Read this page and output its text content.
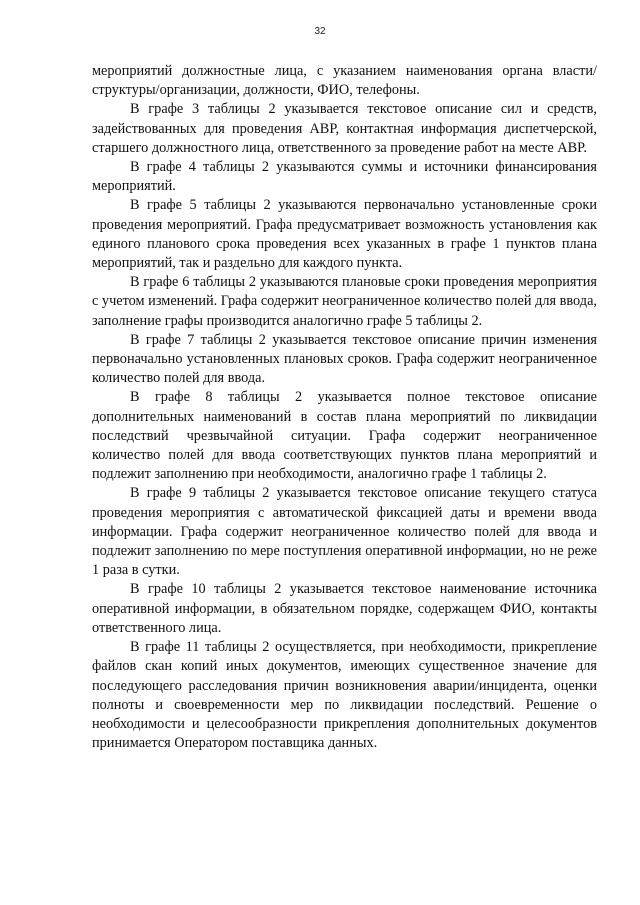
32

мероприятий должностные лица, с указанием наименования органа власти/структуры/организации, должности, ФИО, телефоны.

В графе 3 таблицы 2 указывается текстовое описание сил и средств, задействованных для проведения АВР, контактная информация диспетчерской, старшего должностного лица, ответственного за проведение работ на месте АВР.

В графе 4 таблицы 2 указываются суммы и источники финансирования мероприятий.

В графе 5 таблицы 2 указываются первоначально установленные сроки проведения мероприятий. Графа предусматривает возможность установления как единого планового срока проведения всех указанных в графе 1 пунктов плана мероприятий, так и раздельно для каждого пункта.

В графе 6 таблицы 2 указываются плановые сроки проведения мероприятия с учетом изменений. Графа содержит неограниченное количество полей для ввода, заполнение графы производится аналогично графе 5 таблицы 2.

В графе 7 таблицы 2 указывается текстовое описание причин изменения первоначально установленных плановых сроков. Графа содержит неограниченное количество полей для ввода.

В графе 8 таблицы 2 указывается полное текстовое описание дополнительных наименований в состав плана мероприятий по ликвидации последствий чрезвычайной ситуации. Графа содержит неограниченное количество полей для ввода соответствующих пунктов плана мероприятий и подлежит заполнению при необходимости, аналогично графе 1 таблицы 2.

В графе 9 таблицы 2 указывается текстовое описание текущего статуса проведения мероприятия с автоматической фиксацией даты и времени ввода информации. Графа содержит неограниченное количество полей для ввода и подлежит заполнению по мере поступления оперативной информации, но не реже 1 раза в сутки.

В графе 10 таблицы 2 указывается текстовое наименование источника оперативной информации, в обязательном порядке, содержащем ФИО, контакты ответственного лица.

В графе 11 таблицы 2 осуществляется, при необходимости, прикрепление файлов скан копий иных документов, имеющих существенное значение для последующего расследования причин возникновения аварии/инцидента, оценки полноты и своевременности мер по ликвидации последствий. Решение о необходимости и целесообразности прикрепления дополнительных документов принимается Оператором поставщика данных.
